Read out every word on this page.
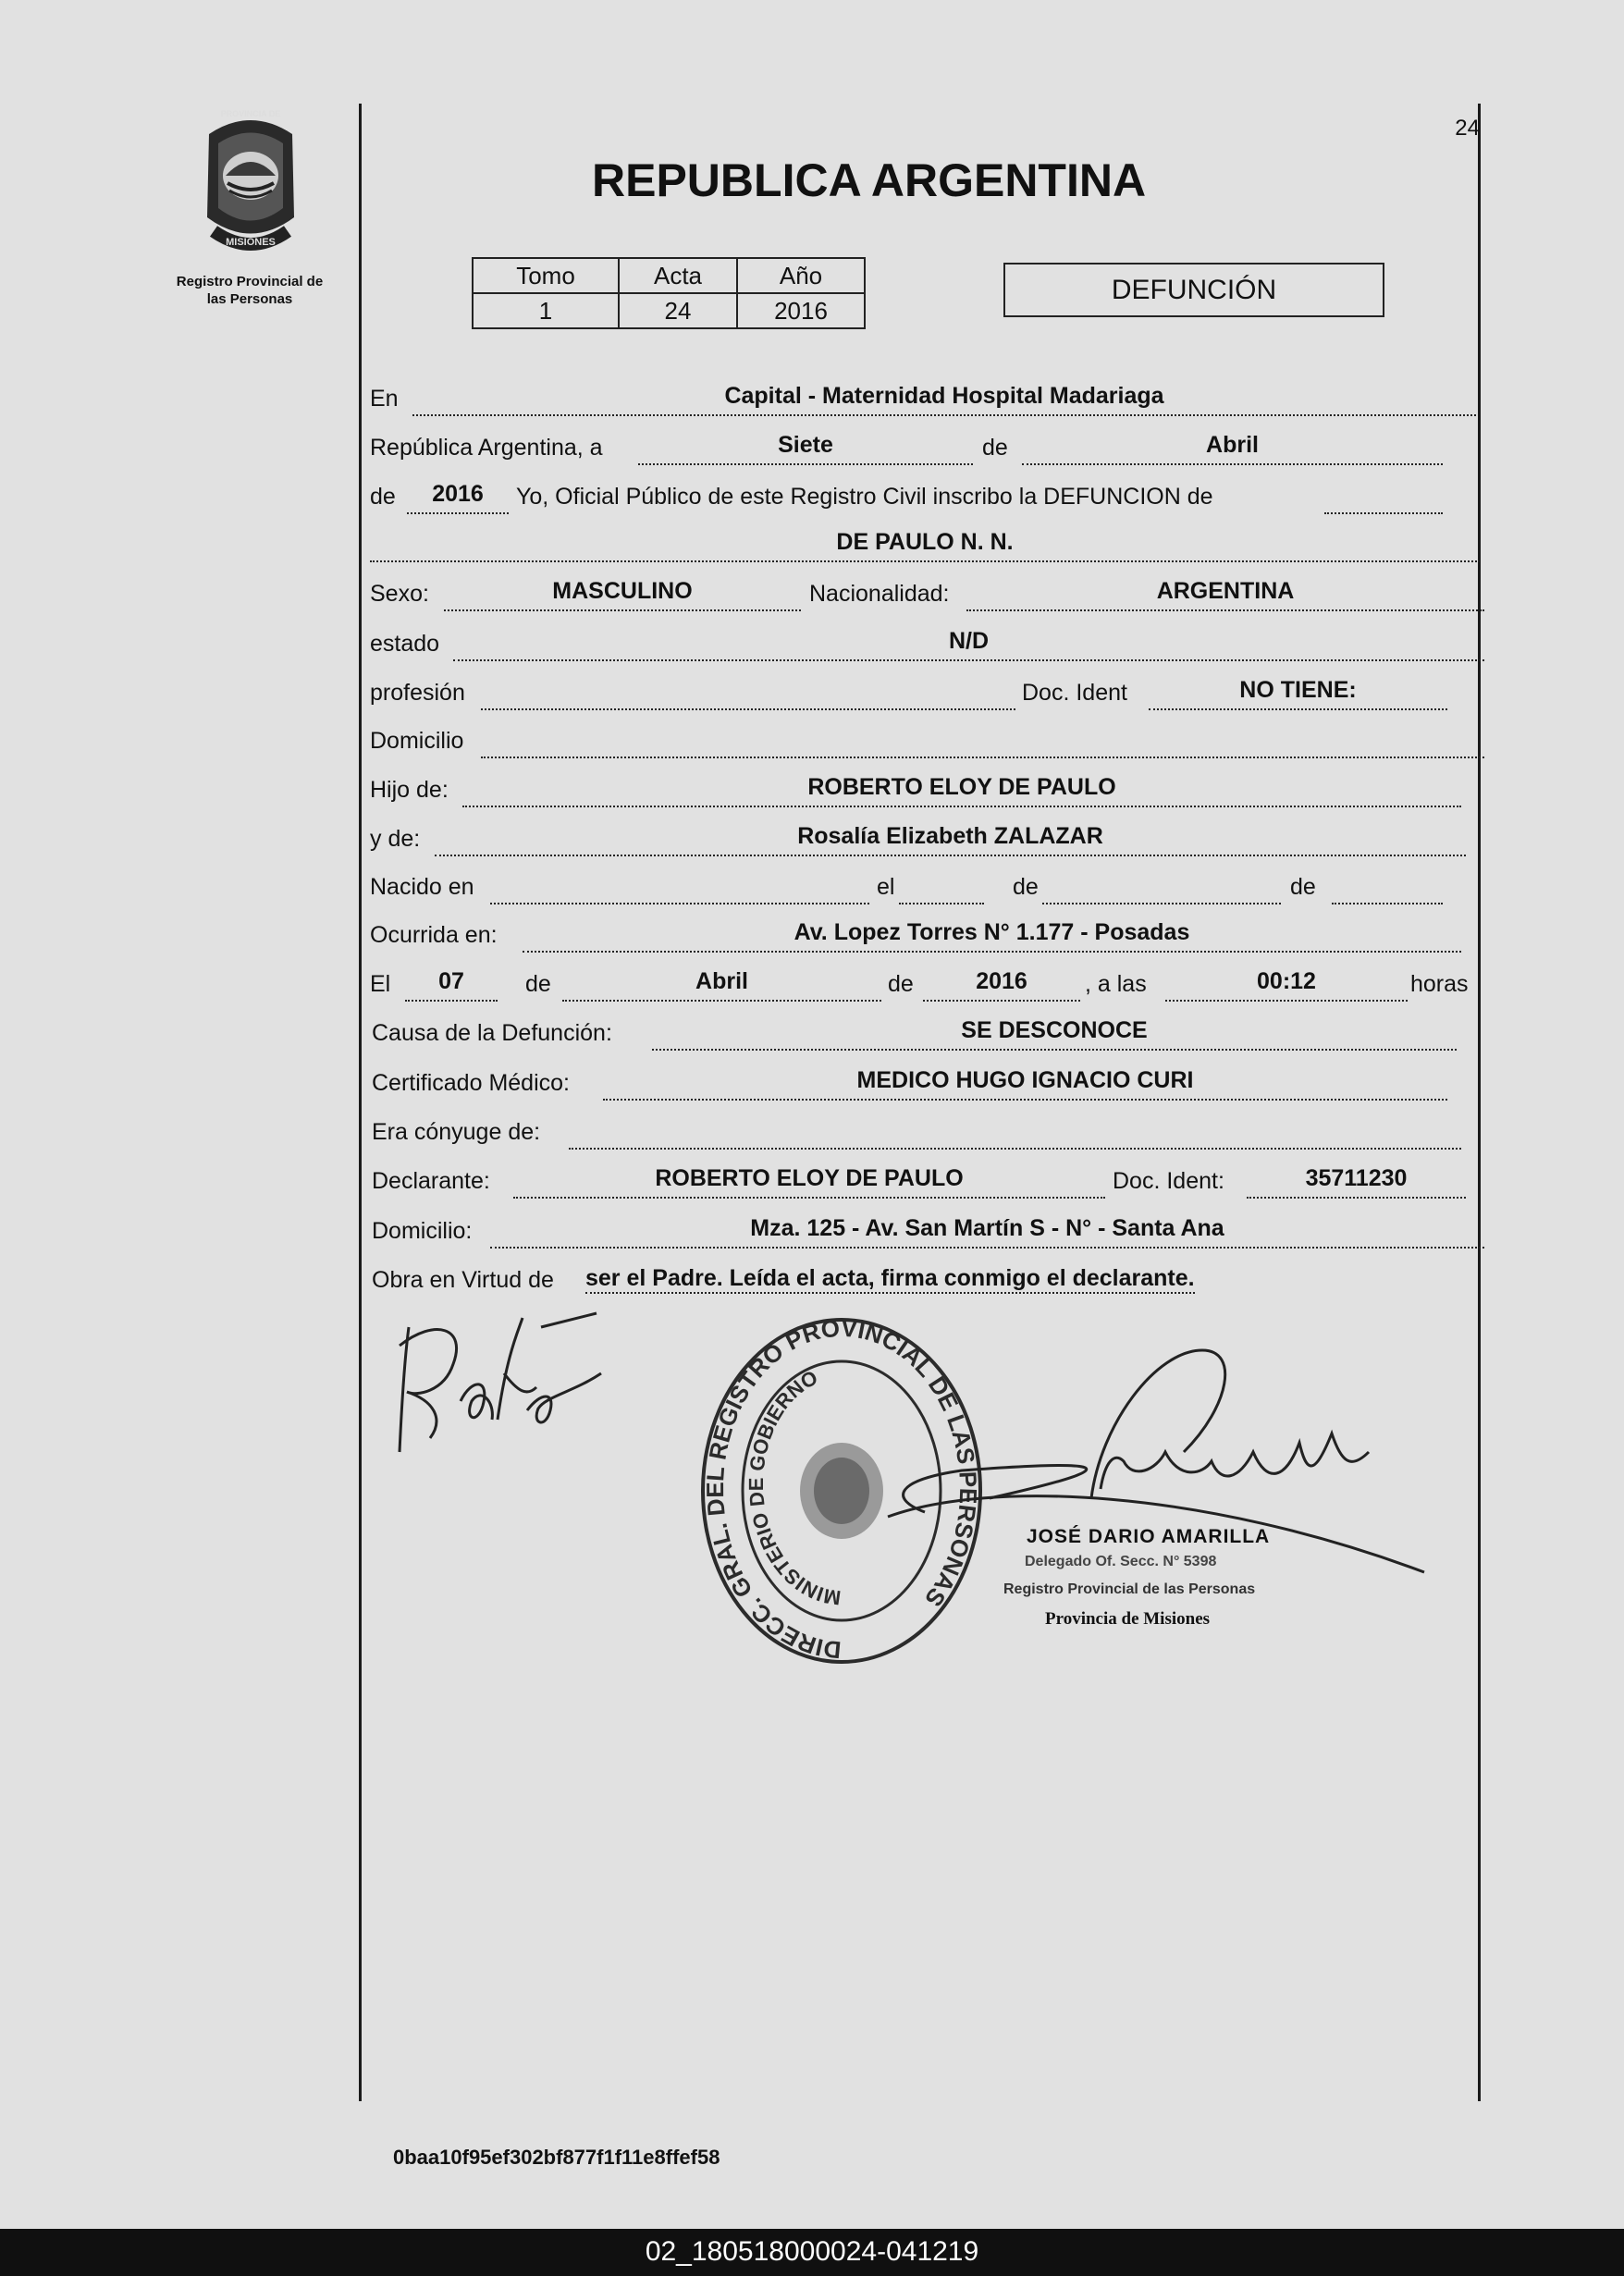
24
Registro Provincial de
las Personas
REPUBLICA ARGENTINA
Tomo	Acta	Año
1	24	2016
DEFUNCIÓN
En	Capital - Maternidad Hospital Madariaga
República Argentina, a	Siete	de	Abril
de	2016	Yo, Oficial Público de este Registro Civil inscribo la DEFUNCION de
DE PAULO N. N.
Sexo:	MASCULINO	Nacionalidad:	ARGENTINA
estado	N/D
profesión	Doc. Ident	NO TIENE:
Domicilio
Hijo de:	ROBERTO ELOY DE PAULO
y de:	Rosalía Elizabeth ZALAZAR
Nacido en	el	de	de
Ocurrida en:	Av. Lopez Torres N° 1.177 - Posadas
El	07	de	Abril	de	2016	, a las	00:12	horas
Causa de la Defunción:	SE DESCONOCE
Certificado Médico:	MEDICO HUGO IGNACIO CURI
Era cónyuge de:
Declarante:	ROBERTO ELOY DE PAULO	Doc. Ident:	35711230
Domicilio:	Mza. 125 - Av. San Martín S - N° - Santa Ana
Obra en Virtud de ser el Padre. Leída el acta, firma conmigo el declarante.
DIRECC. GRAL. DEL REGISTRO PROVINCIAL DE LAS PERSONAS
MINISTERIO DE GOBIERNO
JOSÉ DARIO AMARILLA
Delegado Of. Secc. N° 5398
Registro Provincial de las Personas
Provincia de Misiones
0baa10f95ef302bf877f1f11e8ffef58
02_180518000024-041219
PROVINCIA DE
MISIONES
